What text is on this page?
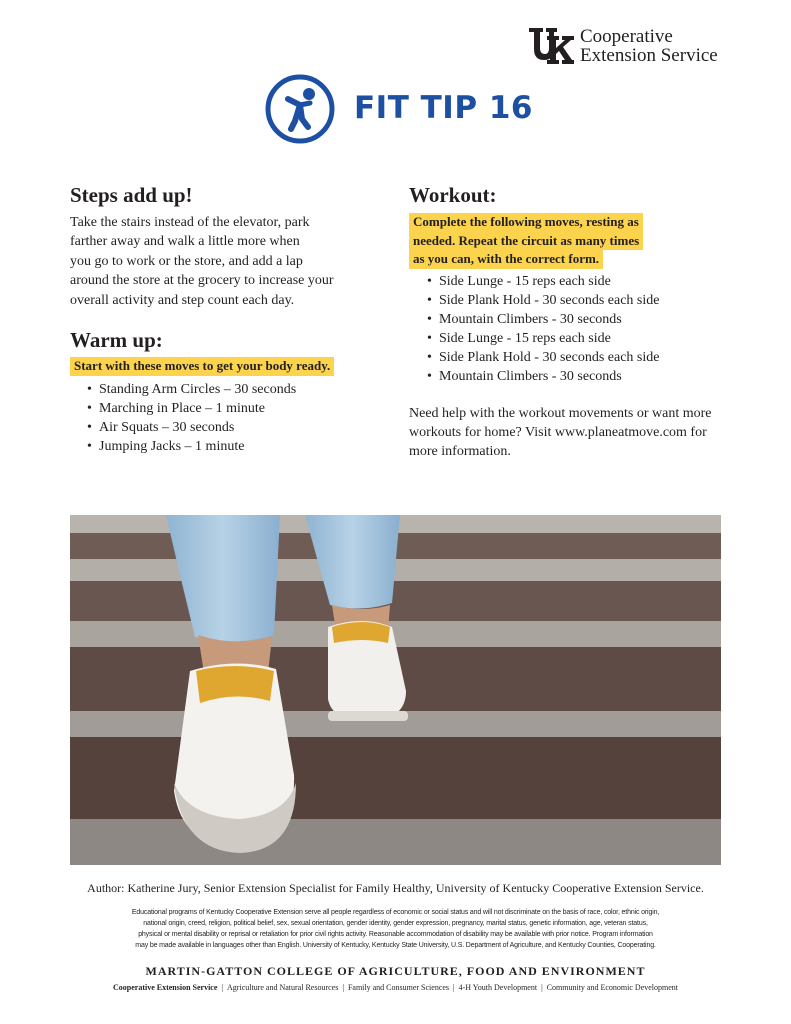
Cooperative
Extension Service
FIT TIP 16
Steps add up!
Take the stairs instead of the elevator, park
farther away and walk a little more when
you go to work or the store, and add a lap
around the store at the grocery to increase your
overall activity and step count each day.
Warm up:
Start with these moves to get your body ready.
• Standing Arm Circles – 30 seconds
• Marching in Place – 1 minute
• Air Squats – 30 seconds
• Jumping Jacks – 1 minute
Workout:
Complete the following moves, resting as
needed. Repeat the circuit as many times
as you can, with the correct form.
• Side Lunge - 15 reps each side
• Side Plank Hold - 30 seconds each side
• Mountain Climbers - 30 seconds
• Side Lunge - 15 reps each side
• Side Plank Hold - 30 seconds each side
• Mountain Climbers - 30 seconds
Need help with the workout movements or want more
workouts for home? Visit www.planeatmove.com for
more information.
Author: Katherine Jury, Senior Extension Specialist for Family Healthy, University of Kentucky Cooperative Extension Service.
Educational programs of Kentucky Cooperative Extension serve all people regardless of economic or social status and will not discriminate on the basis of race, color, ethnic origin,
national origin, creed, religion, political belief, sex, sexual orientation, gender identity, gender expression, pregnancy, marital status, genetic information, age, veteran status,
physical or mental disability or reprisal or retaliation for prior civil rights activity. Reasonable accommodation of disability may be available with prior notice. Program information
may be made available in languages other than English. University of Kentucky, Kentucky State University, U.S. Department of Agriculture, and Kentucky Counties, Cooperating.
MARTIN-GATTON COLLEGE OF AGRICULTURE, FOOD AND ENVIRONMENT
Cooperative Extension Service | Agriculture and Natural Resources | Family and Consumer Sciences | 4-H Youth Development | Community and Economic Development
